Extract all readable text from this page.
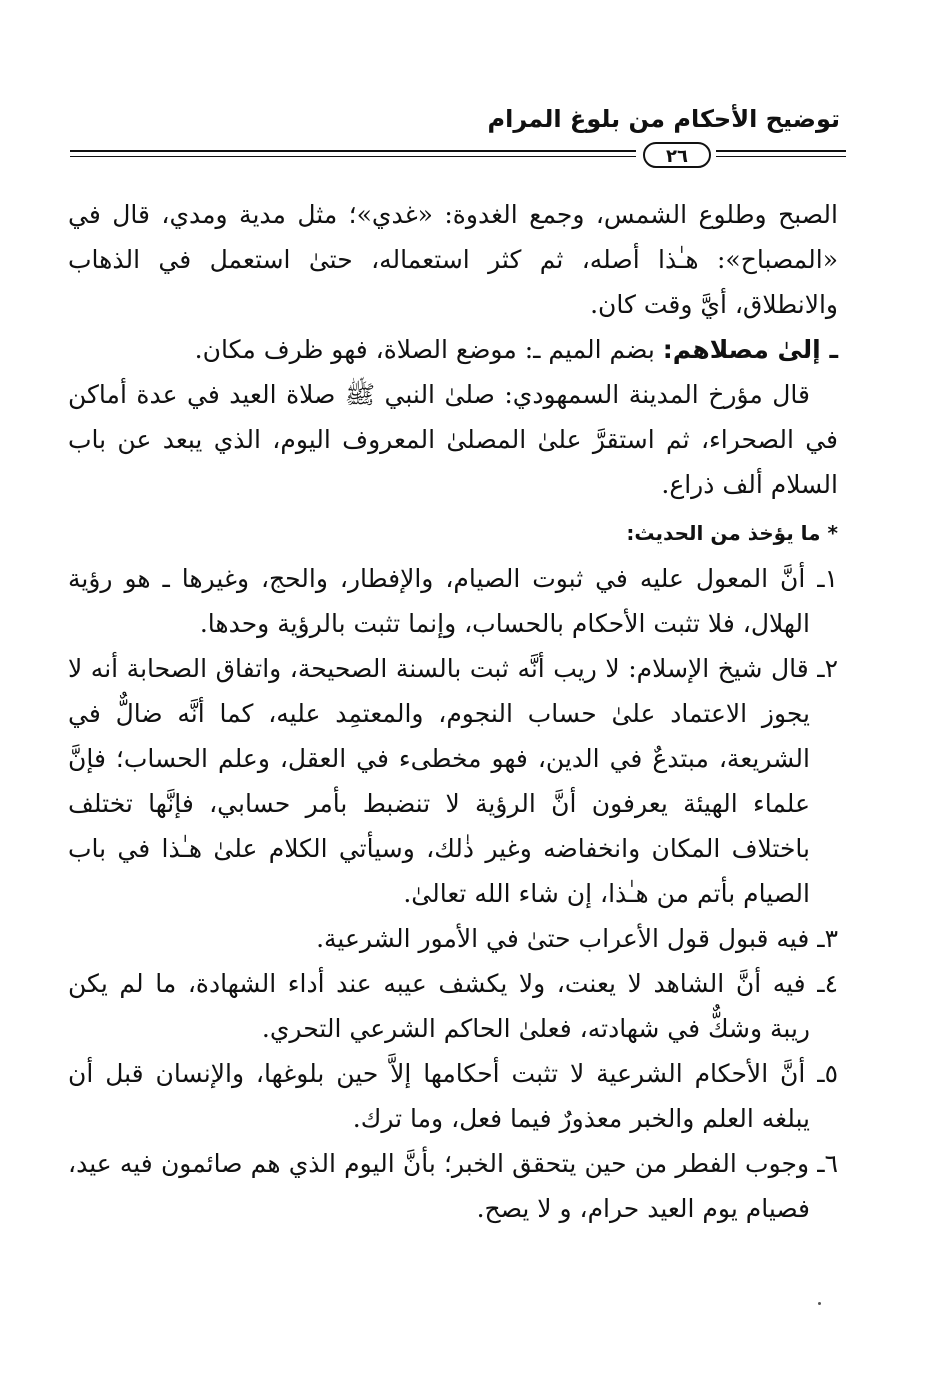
توضيح الأحكام من بلوغ المرام
٢٦
الصبح وطلوع الشمس، وجمع الغدوة: «غدي»؛ مثل مدية ومدي، قال في
«المصباح»: هـٰذا أصله، ثم كثر استعماله، حتىٰ استعمل في الذهاب
والانطلاق، أيَّ وقت كان.
ـ إلىٰ مصلاهم: بضم الميم ـ: موضع الصلاة، فهو ظرف مكان.
قال مؤرخ المدينة السمهودي: صلىٰ النبي ﷺ صلاة العيد في عدة أماكن
في الصحراء، ثم استقرَّ علىٰ المصلىٰ المعروف اليوم، الذي يبعد عن باب
السلام ألف ذراع.
* ما يؤخذ من الحديث:
١ـ أنَّ المعول عليه في ثبوت الصيام، والإفطار، والحج، وغيرها ـ هو رؤية
الهلال، فلا تثبت الأحكام بالحساب، وإنما تثبت بالرؤية وحدها.
٢ـ قال شيخ الإسلام: لا ريب أنَّه ثبت بالسنة الصحيحة، واتفاق الصحابة أنه لا
يجوز الاعتماد علىٰ حساب النجوم، والمعتمِد عليه، كما أنَّه ضالٌّ في
الشريعة، مبتدعٌ في الدين، فهو مخطىء في العقل، وعلم الحساب؛ فإنَّ
علماء الهيئة يعرفون أنَّ الرؤية لا تنضبط بأمر حسابي، فإنَّها تختلف
باختلاف المكان وانخفاضه وغير ذٰلك، وسيأتي الكلام علىٰ هـٰذا في باب
الصيام بأتم من هـٰذا، إن شاء الله تعالىٰ.
٣ـ فيه قبول قول الأعراب حتىٰ في الأمور الشرعية.
٤ـ فيه أنَّ الشاهد لا يعنت، ولا يكشف عيبه عند أداء الشهادة، ما لم يكن
ريبة وشكٌّ في شهادته، فعلىٰ الحاكم الشرعي التحري.
٥ـ أنَّ الأحكام الشرعية لا تثبت أحكامها إلاَّ حين بلوغها، والإنسان قبل أن
يبلغه العلم والخبر معذورٌ فيما فعل، وما ترك.
٦ـ وجوب الفطر من حين يتحقق الخبر؛ بأنَّ اليوم الذي هم صائمون فيه عيد،
فصيام يوم العيد حرام، و لا يصح.
